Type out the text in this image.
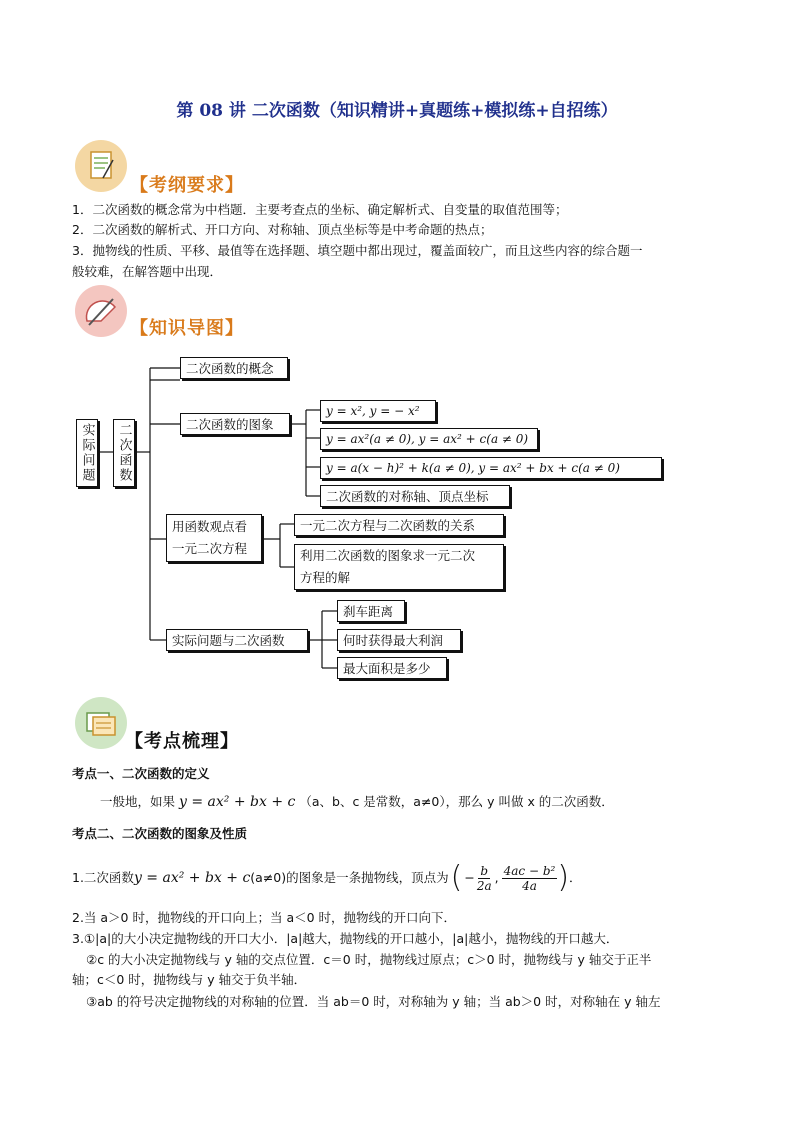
第 08 讲 二次函数（知识精讲+真题练+模拟练+自招练）
【考纲要求】
1．二次函数的概念常为中档题．主要考查点的坐标、确定解析式、自变量的取值范围等；
2．二次函数的解析式、开口方向、对称轴、顶点坐标等是中考命题的热点；
3．抛物线的性质、平移、最值等在选择题、填空题中都出现过，覆盖面较广，而且这些内容的综合题一
般较难，在解答题中出现．
【知识导图】
实际问题 二次函数
二次函数的概念
二次函数的图象
y = x², y = − x²
y = ax²(a ≠ 0), y = ax² + c(a ≠ 0)
y = a(x − h)² + k(a ≠ 0), y = ax² + bx + c(a ≠ 0)
二次函数的对称轴、顶点坐标
用函数观点看
一元二次方程
一元二次方程与二次函数的关系
利用二次函数的图象求一元二次
方程的解
实际问题与二次函数
刹车距离
何时获得最大利润
最大面积是多少
【考点梳理】
考点一、二次函数的定义
一般地，如果 y = ax² + bx + c （a、b、c 是常数，a≠0），那么 y 叫做 x 的二次函数．
考点二、二次函数的图象及性质
1.二次函数 y = ax² + bx + c (a≠0)的图象是一条抛物线，顶点为 ( − $\frac{b}{2a}$ , $\frac{\text{4ac − b²}}{4a}$ ) ．
2.当 a＞0 时，抛物线的开口向上；当 a＜0 时，抛物线的开口向下．
3.①|a|的大小决定抛物线的开口大小．|a|越大，抛物线的开口越小，|a|越小，抛物线的开口越大．
②c 的大小决定抛物线与 y 轴的交点位置．c＝0 时，抛物线过原点；c＞0 时，抛物线与 y 轴交于正半
轴；c＜0 时，抛物线与 y 轴交于负半轴．
③ab 的符号决定抛物线的对称轴的位置．当 ab＝0 时，对称轴为 y 轴；当 ab＞0 时，对称轴在 y 轴左
